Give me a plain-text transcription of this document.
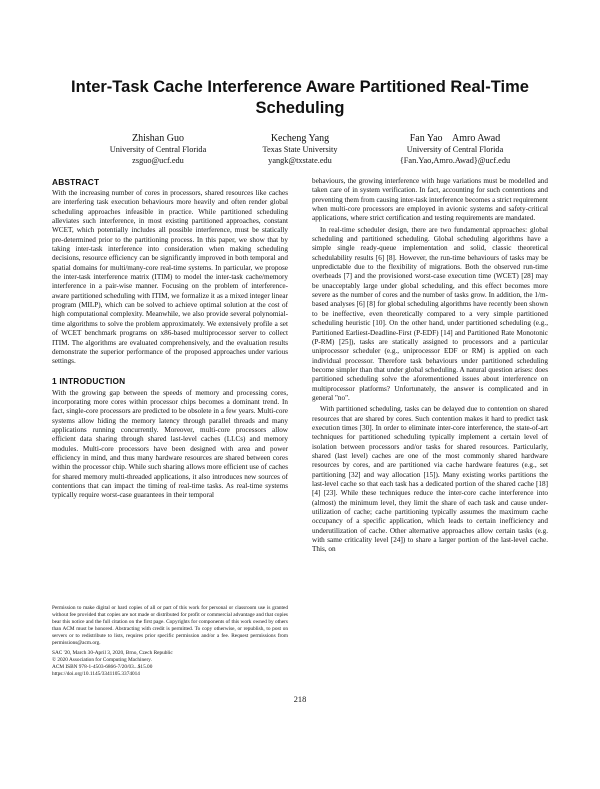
Inter-Task Cache Interference Aware Partitioned Real-Time Scheduling
Zhishan Guo
University of Central Florida
zsguo@ucf.edu
Kecheng Yang
Texas State University
yangk@txstate.edu
Fan Yao    Amro Awad
University of Central Florida
{Fan.Yao,Amro.Awad}@ucf.edu
ABSTRACT

With the increasing number of cores in processors, shared resources like caches are interfering task execution behaviours more heavily and often render global scheduling approaches infeasible in practice. While partitioned scheduling alleviates such interference, in most existing partitioned approaches, constant WCET, which potentially includes all possible interference, must be statically pre-determined prior to the partitioning process. In this paper, we show that by taking inter-task interference into consideration when making scheduling decisions, resource efficiency can be significantly improved in both temporal and spatial domains for multi/many-core real-time systems. In particular, we propose the inter-task interference matrix (ITIM) to model the inter-task cache/memory interference in a pair-wise manner. Focusing on the problem of interference-aware partitioned scheduling with ITIM, we formalize it as a mixed integer linear program (MILP), which can be solved to achieve optimal solution at the cost of high computational complexity. Meanwhile, we also provide several polynomial-time algorithms to solve the problem approximately. We extensively profile a set of WCET benchmark programs on x86-based multiprocessor server to collect ITIM. The algorithms are evaluated comprehensively, and the evaluation results demonstrate the superior performance of the proposed approaches under various settings.

1 INTRODUCTION

With the growing gap between the speeds of memory and processing cores, incorporating more cores within processor chips becomes a dominant trend. In fact, single-core processors are predicted to be obsolete in a few years. Multi-core systems allow hiding the memory latency through parallel threads and many applications running concurrently. Moreover, multi-core processors allow efficient data sharing through shared last-level caches (LLCs) and memory modules. Multi-core processors have been designed with area and power efficiency in mind, and thus many hardware resources are shared between cores within the processor chip. While such sharing allows more efficient use of caches for shared memory multi-threaded applications, it also introduces new sources of contentions that can impact the timing of real-time tasks. As real-time systems typically require worst-case guarantees in their temporal

behaviours, the growing interference with huge variations must be modelled and taken care of in system verification. In fact, accounting for such contentions and preventing them from causing inter-task interference becomes a strict requirement when multi-core processors are employed in avionic systems and safety-critical applications, where strict certification and testing requirements are mandated.

In real-time scheduler design, there are two fundamental approaches: global scheduling and partitioned scheduling. Global scheduling algorithms have a simple single ready-queue implementation and solid, classic theoretical schedulability results [6] [8]. However, the run-time behaviours of tasks may be unpredictable due to the flexibility of migrations. Both the observed run-time overheads [7] and the provisioned worst-case execution time (WCET) [28] may be unacceptably large under global scheduling, and this effect becomes more severe as the number of cores and the number of tasks grow. In addition, the 1/m-based analyses [6] [8] for global scheduling algorithms have recently been shown to be ineffective, even theoretically compared to a very simple partitioned scheduling heuristic [10]. On the other hand, under partitioned scheduling (e.g., Partitioned Earliest-Deadline-First (P-EDF) [14] and Partitioned Rate Monotonic (P-RM) [25]), tasks are statically assigned to processors and a particular uniprocessor scheduler (e.g., uniprocessor EDF or RM) is applied on each individual processor. Therefore task behaviours under partitioned scheduling become simpler than that under global scheduling. A natural question arises: does partitioned scheduling solve the aforementioned issues about interference on multiprocessor platforms? Unfortunately, the answer is complicated and in general "no".

With partitioned scheduling, tasks can be delayed due to contention on shared resources that are shared by cores. Such contention makes it hard to predict task execution times [30]. In order to eliminate inter-core interference, the state-of-art techniques for partitioned scheduling typically implement a certain level of isolation between processors and/or tasks for shared resources. Particularly, shared (last level) caches are one of the most commonly shared hardware resources by cores, and are partitioned via cache hardware features (e.g., set partitioning [32] and way allocation [15]). Many existing works partitions the last-level cache so that each task has a dedicated portion of the shared cache [18] [4] [23]. While these techniques reduce the inter-core cache interference into (almost) the minimum level, they limit the share of each task and cause under-utilization of cache; cache partitioning typically assumes the maximum cache occupancy of a specific application, which leads to certain inefficiency and underutilization of cache. Other alternative approaches allow certain tasks (e.g. with same criticality level [24]) to share a larger portion of the last-level cache. This, on

Permission to make digital or hard copies of all or part of this work for personal or classroom use is granted without fee provided that copies are not made or distributed for profit or commercial advantage and that copies bear this notice and the full citation on the first page. Copyrights for components of this work owned by others than ACM must be honored. Abstracting with credit is permitted. To copy otherwise, or republish, to post on servers or to redistribute to lists, requires prior specific permission and/or a fee. Request permissions from permissions@acm.org.

SAC '20, March 30-April 3, 2020, Brno, Czech Republic

© 2020 Association for Computing Machinery.

ACM ISBN 978-1-4503-6866-7/20/03...$15.00

https://doi.org/10.1145/3341105.3374014

218
